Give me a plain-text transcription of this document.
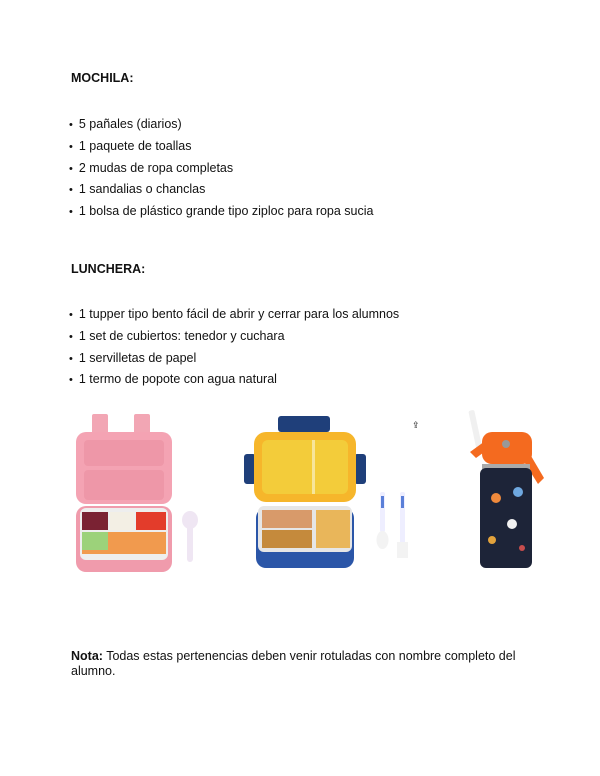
MOCHILA:
• 5 pañales (diarios)
• 1 paquete de toallas
• 2 mudas de ropa completas
• 1 sandalias o chanclas
• 1 bolsa de plástico grande tipo ziploc para ropa sucia
LUNCHERA:
• 1 tupper tipo bento fácil de abrir y cerrar para los alumnos
• 1 set de cubiertos: tenedor y cuchara
• 1 servilletas de papel
• 1 termo de popote con agua natural
⇪
Nota: Todas estas pertenencias deben venir rotuladas con nombre completo del alumno.
